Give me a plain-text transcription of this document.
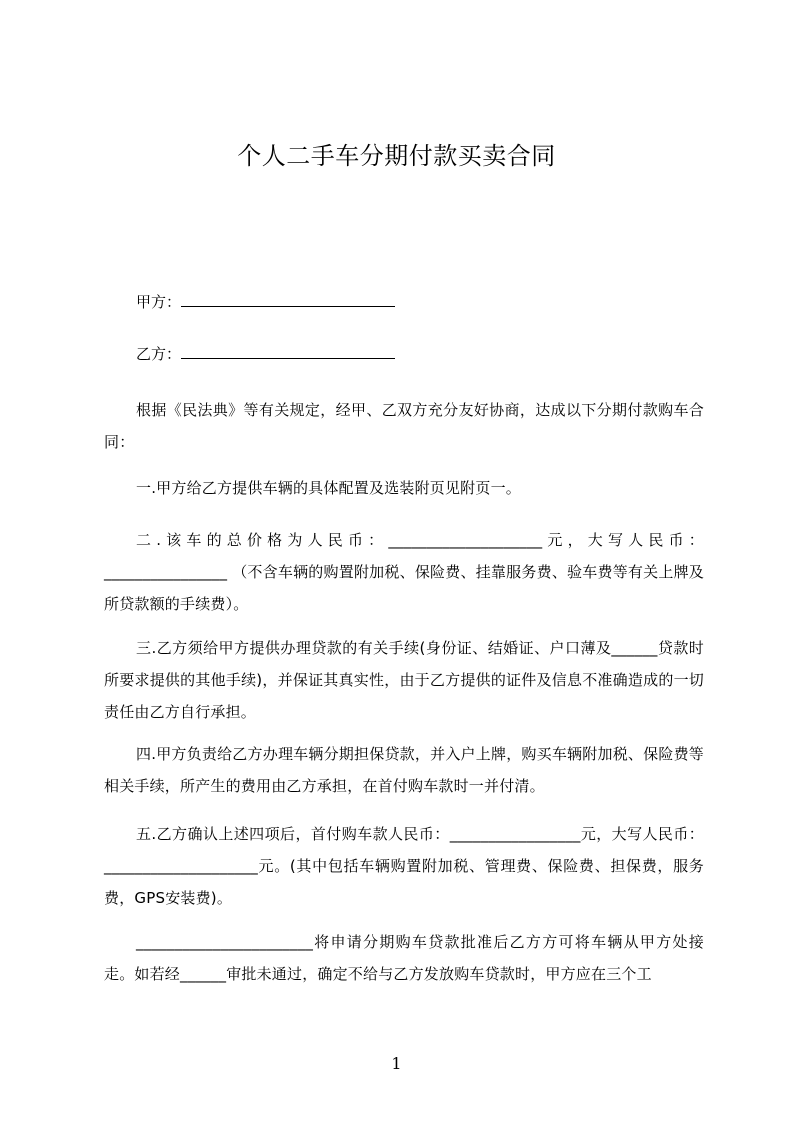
个人二手车分期付款买卖合同
甲方：
乙方：
根据《民法典》等有关规定，经甲、乙双方充分友好协商，达成以下分期付款购车合同：
一.甲方给乙方提供车辆的具体配置及选装附页见附页一。
二.该车的总价格为人民币：____________________元，大写人民币：________________ （不含车辆的购置附加税、保险费、挂靠服务费、验车费等有关上牌及所贷款额的手续费）。
三.乙方须给甲方提供办理贷款的有关手续(身份证、结婚证、户口薄及______贷款时所要求提供的其他手续)，并保证其真实性，由于乙方提供的证件及信息不准确造成的一切责任由乙方自行承担。
四.甲方负责给乙方办理车辆分期担保贷款，并入户上牌，购买车辆附加税、保险费等相关手续，所产生的费用由乙方承担，在首付购车款时一并付清。
五.乙方确认上述四项后，首付购车款人民币：_________________元，大写人民币：____________________元。(其中包括车辆购置附加税、管理费、保险费、担保费，服务费，GPS安装费)。
_______________________将申请分期购车贷款批准后乙方方可将车辆从甲方处接走。如若经______审批未通过，确定不给与乙方发放购车贷款时，甲方应在三个工
1
